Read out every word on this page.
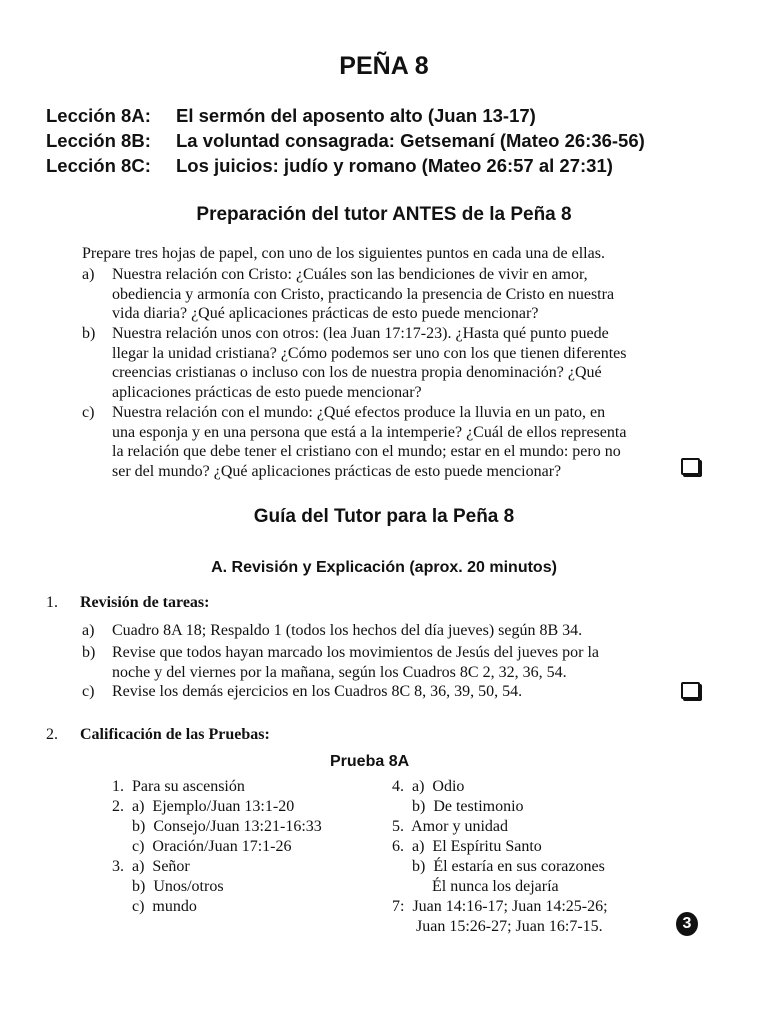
PEÑA 8
Lección 8A: El sermón del aposento alto (Juan 13-17)
Lección 8B: La voluntad consagrada: Getsemaní (Mateo 26:36-56)
Lección 8C: Los juicios: judío y romano (Mateo 26:57 al 27:31)
Preparación del tutor ANTES de la Peña 8
Prepare tres hojas de papel, con uno de los siguientes puntos en cada una de ellas.
a) Nuestra relación con Cristo: ¿Cuáles son las bendiciones de vivir en amor,
obediencia y armonía con Cristo, practicando la presencia de Cristo en nuestra
vida diaria? ¿Qué aplicaciones prácticas de esto puede mencionar?
b) Nuestra relación unos con otros: (lea Juan 17:17-23). ¿Hasta qué punto puede
llegar la unidad cristiana? ¿Cómo podemos ser uno con los que tienen diferentes
creencias cristianas o incluso con los de nuestra propia denominación? ¿Qué
aplicaciones prácticas de esto puede mencionar?
c) Nuestra relación con el mundo: ¿Qué efectos produce la lluvia en un pato, en
una esponja y en una persona que está a la intemperie? ¿Cuál de ellos representa
la relación que debe tener el cristiano con el mundo; estar en el mundo: pero no
ser del mundo? ¿Qué aplicaciones prácticas de esto puede mencionar?
Guía del Tutor para la Peña 8
A. Revisión y Explicación (aprox. 20 minutos)
1. Revisión de tareas:
a) Cuadro 8A 18; Respaldo 1 (todos los hechos del día jueves) según 8B 34.
b) Revise que todos hayan marcado los movimientos de Jesús del jueves por la
noche y del viernes por la mañana, según los Cuadros 8C 2, 32, 36, 54.
c) Revise los demás ejercicios en los Cuadros 8C 8, 36, 39, 50, 54.
2. Calificación de las Pruebas:
Prueba 8A
1.  Para su ascensión
2.  a)  Ejemplo/Juan 13:1-20
b)  Consejo/Juan 13:21-16:33
c)  Oración/Juan 17:1-26
3.  a)  Señor
b)  Unos/otros
c)  mundo
4.  a)  Odio
b)  De testimonio
5.  Amor y unidad
6.  a)  El Espíritu Santo
b)  Él estaría en sus corazones
Él nunca los dejaría
7:  Juan 14:16-17; Juan 14:25-26;
Juan 15:26-27; Juan 16:7-15.	3
